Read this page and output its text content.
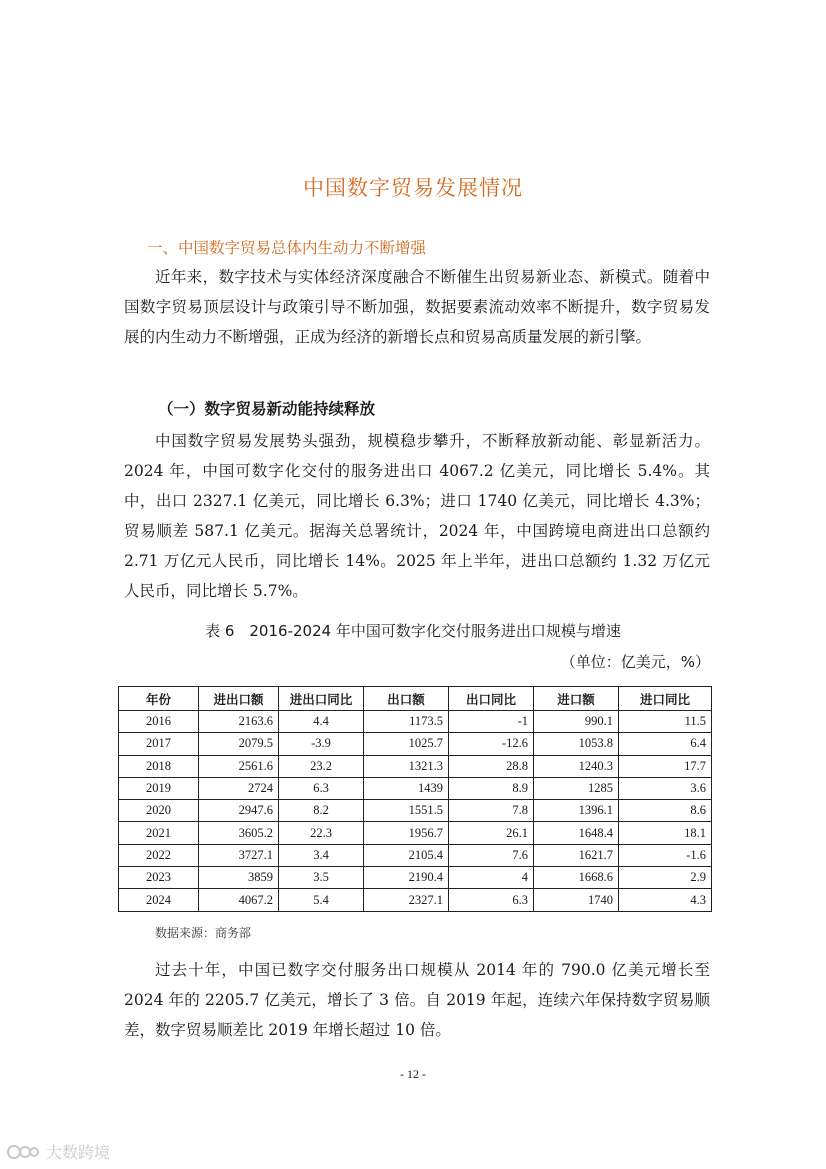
中国数字贸易发展情况
一、中国数字贸易总体内生动力不断增强

近年来，数字技术与实体经济深度融合不断催生出贸易新业态、新模式。随着中国数字贸易顶层设计与政策引导不断加强，数据要素流动效率不断提升，数字贸易发展的内生动力不断增强，正成为经济的新增长点和贸易高质量发展的新引擎。

（一）数字贸易新动能持续释放

中国数字贸易发展势头强劲，规模稳步攀升，不断释放新动能、彰显新活力。2024 年，中国可数字化交付的服务进出口 4067.2 亿美元，同比增长 5.4%。其中，出口 2327.1 亿美元，同比增长 6.3%；进口 1740 亿美元，同比增长 4.3%；贸易顺差 587.1 亿美元。据海关总署统计，2024 年，中国跨境电商进出口总额约 2.71 万亿元人民币，同比增长 14%。2025 年上半年，进出口总额约 1.32 万亿元人民币，同比增长 5.7%。

表 6　2016-2024 年中国可数字化交付服务进出口规模与增速
（单位：亿美元，%）
年份	进出口额	进出口同比	出口额	出口同比	进口额	进口同比
2016	2163.6	4.4	1173.5	-1	990.1	11.5
2017	2079.5	-3.9	1025.7	-12.6	1053.8	6.4
2018	2561.6	23.2	1321.3	28.8	1240.3	17.7
2019	2724	6.3	1439	8.9	1285	3.6
2020	2947.6	8.2	1551.5	7.8	1396.1	8.6
2021	3605.2	22.3	1956.7	26.1	1648.4	18.1
2022	3727.1	3.4	2105.4	7.6	1621.7	-1.6
2023	3859	3.5	2190.4	4	1668.6	2.9
2024	4067.2	5.4	2327.1	6.3	1740	4.3
数据来源：商务部

过去十年，中国已数字交付服务出口规模从 2014 年的 790.0 亿美元增长至 2024 年的 2205.7 亿美元，增长了 3 倍。自 2019 年起，连续六年保持数字贸易顺差，数字贸易顺差比 2019 年增长超过 10 倍。

- 12 -
大数跨境
